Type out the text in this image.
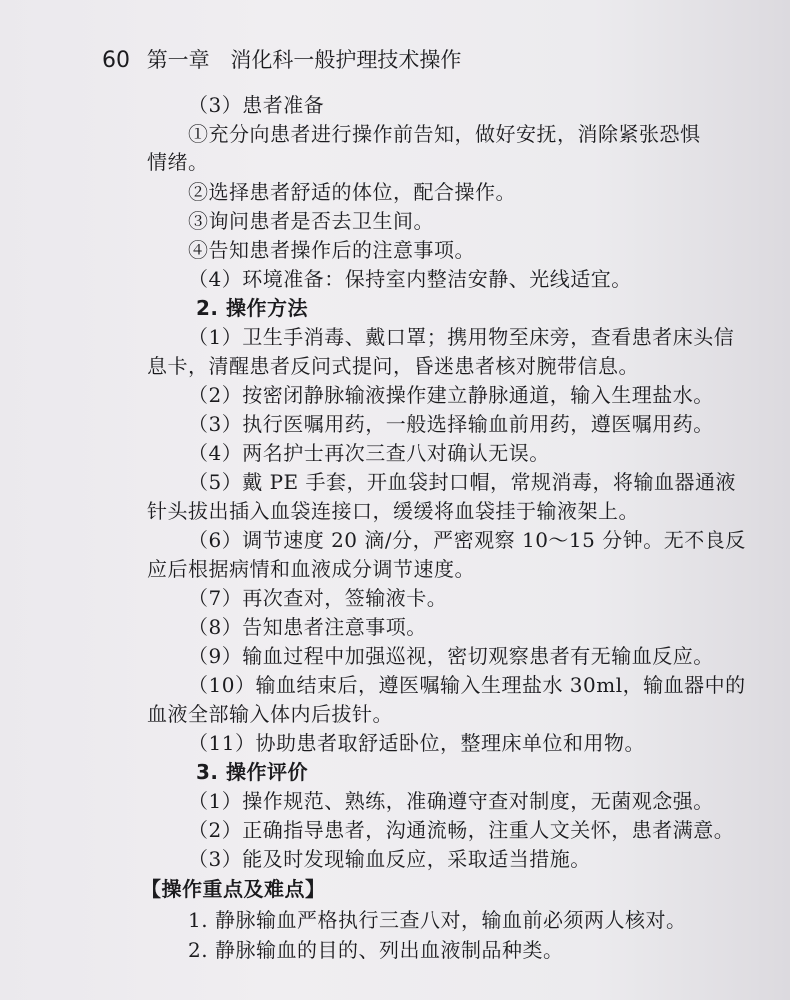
60 第一章 消化科一般护理技术操作
（3）患者准备
①充分向患者进行操作前告知，做好安抚，消除紧张恐惧
情绪。
②选择患者舒适的体位，配合操作。
③询问患者是否去卫生间。
④告知患者操作后的注意事项。
（4）环境准备：保持室内整洁安静、光线适宜。
2. 操作方法
（1）卫生手消毒、戴口罩；携用物至床旁，查看患者床头信
息卡，清醒患者反问式提问，昏迷患者核对腕带信息。
（2）按密闭静脉输液操作建立静脉通道，输入生理盐水。
（3）执行医嘱用药，一般选择输血前用药，遵医嘱用药。
（4）两名护士再次三查八对确认无误。
（5）戴 PE 手套，开血袋封口帽，常规消毒，将输血器通液
针头拔出插入血袋连接口，缓缓将血袋挂于输液架上。
（6）调节速度 20 滴/分，严密观察 10～15 分钟。无不良反
应后根据病情和血液成分调节速度。
（7）再次查对，签输液卡。
（8）告知患者注意事项。
（9）输血过程中加强巡视，密切观察患者有无输血反应。
（10）输血结束后，遵医嘱输入生理盐水 30ml，输血器中的
血液全部输入体内后拔针。
（11）协助患者取舒适卧位，整理床单位和用物。
3. 操作评价
（1）操作规范、熟练，准确遵守查对制度，无菌观念强。
（2）正确指导患者，沟通流畅，注重人文关怀，患者满意。
（3）能及时发现输血反应，采取适当措施。
【操作重点及难点】
1. 静脉输血严格执行三查八对，输血前必须两人核对。
2. 静脉输血的目的、列出血液制品种类。
